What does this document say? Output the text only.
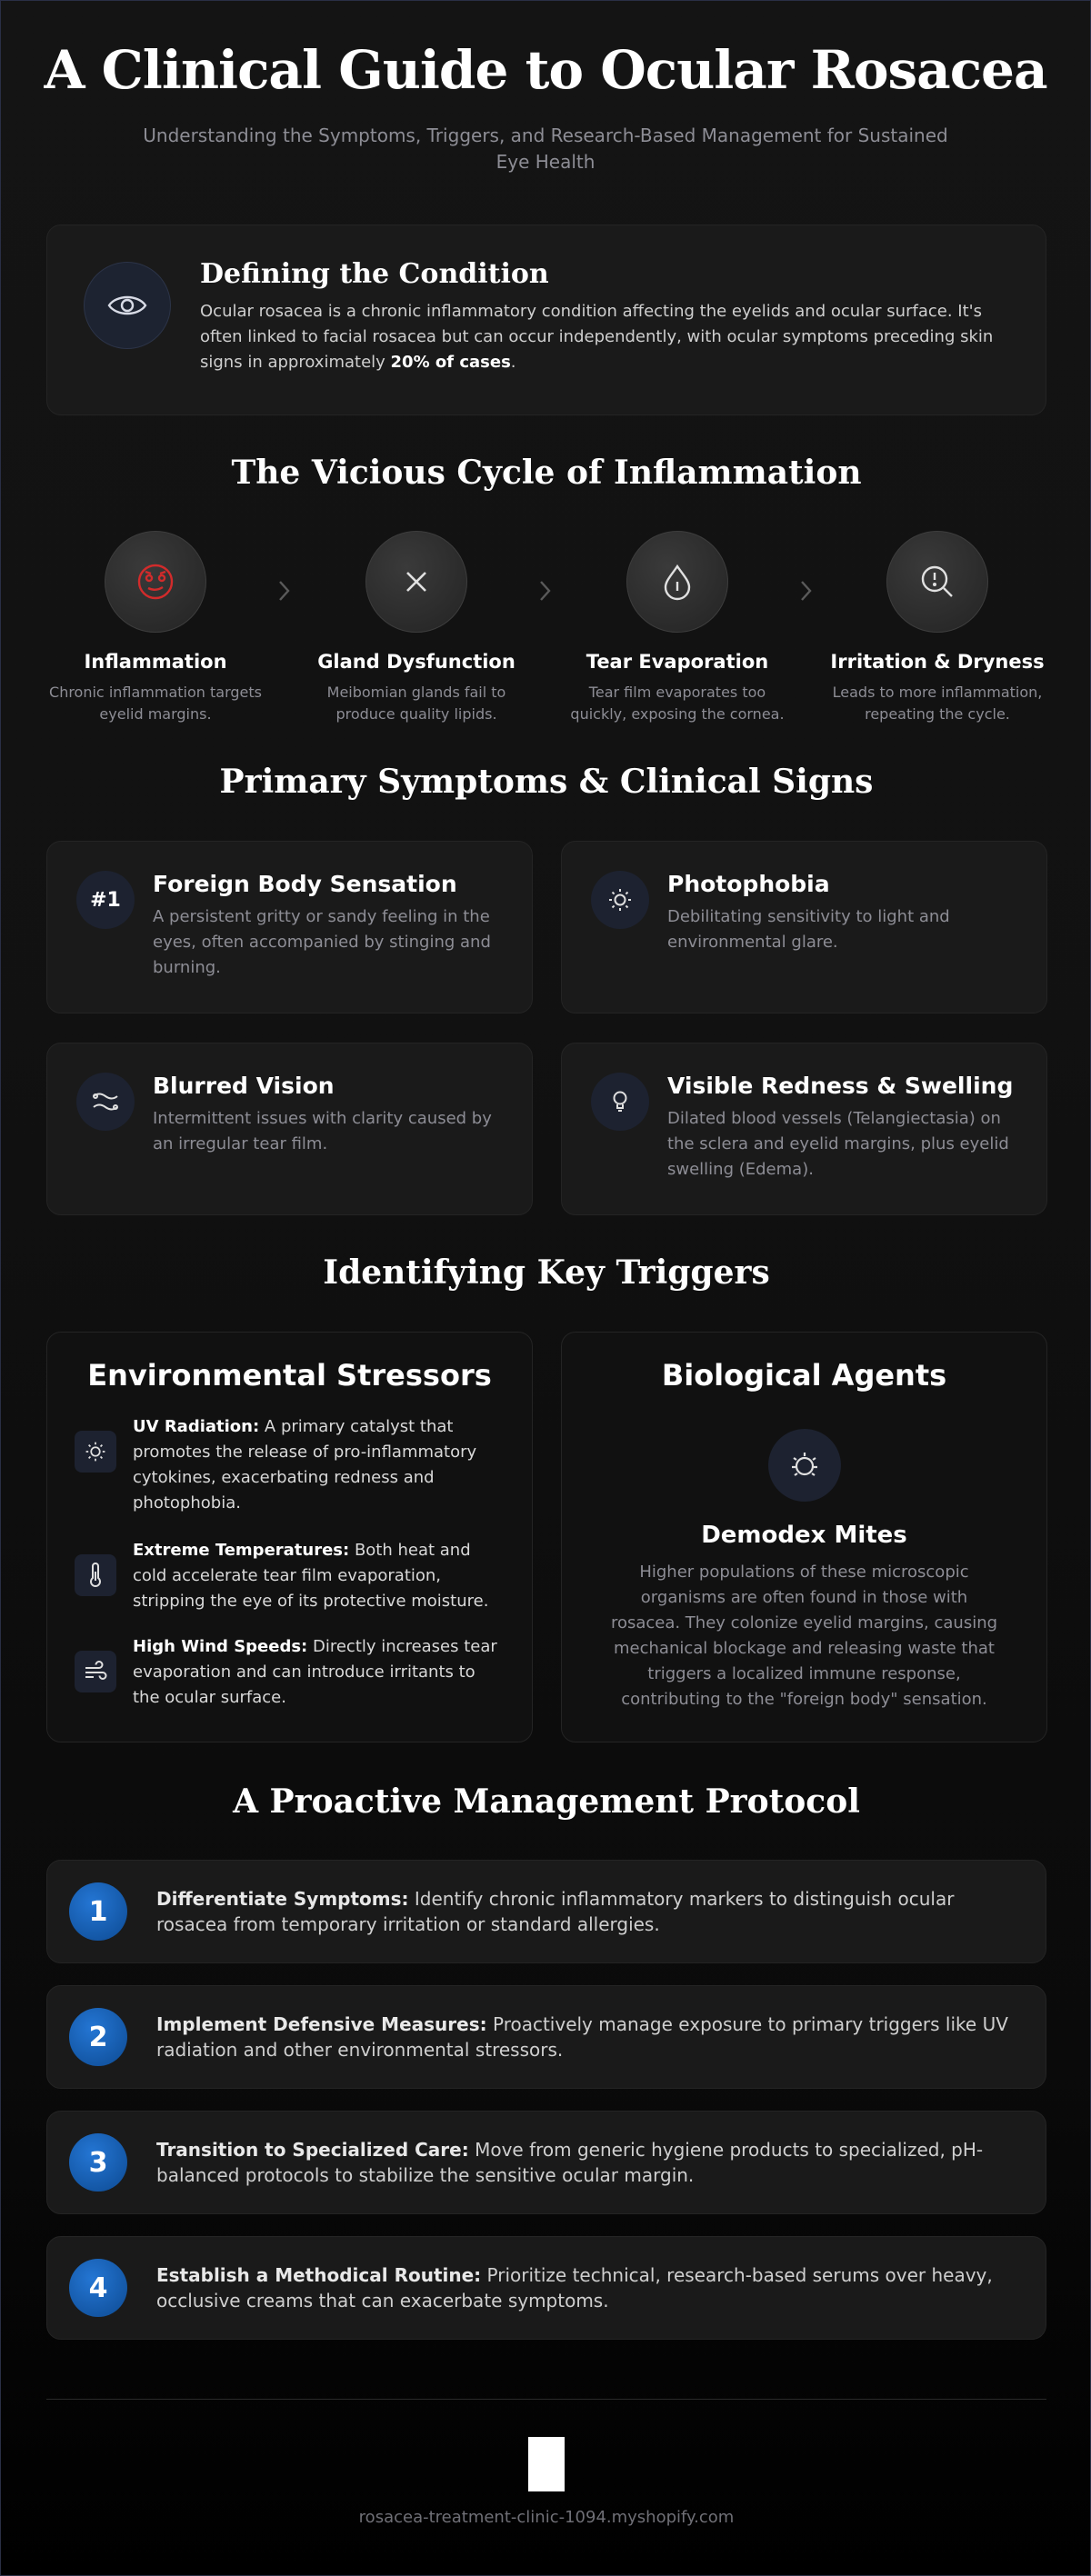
A Clinical Guide to Ocular Rosacea
Understanding the Symptoms, Triggers, and Research-Based Management for Sustained Eye Health
Defining the Condition
Ocular rosacea is a chronic inflammatory condition affecting the eyelids and ocular surface. It's often linked to facial rosacea but can occur independently, with ocular symptoms preceding skin signs in approximately 20% of cases.
The Vicious Cycle of Inflammation
Inflammation
Chronic inflammation targets eyelid margins.
Gland Dysfunction
Meibomian glands fail to produce quality lipids.
Tear Evaporation
Tear film evaporates too quickly, exposing the cornea.
Irritation & Dryness
Leads to more inflammation, repeating the cycle.
Primary Symptoms & Clinical Signs
#1
Foreign Body Sensation
A persistent gritty or sandy feeling in the eyes, often accompanied by stinging and burning.
Photophobia
Debilitating sensitivity to light and environmental glare.
Blurred Vision
Intermittent issues with clarity caused by an irregular tear film.
Visible Redness & Swelling
Dilated blood vessels (Telangiectasia) on the sclera and eyelid margins, plus eyelid swelling (Edema).
Identifying Key Triggers
Environmental Stressors
UV Radiation: A primary catalyst that promotes the release of pro-inflammatory cytokines, exacerbating redness and photophobia.
Extreme Temperatures: Both heat and cold accelerate tear film evaporation, stripping the eye of its protective moisture.
High Wind Speeds: Directly increases tear evaporation and can introduce irritants to the ocular surface.
Biological Agents
Demodex Mites
Higher populations of these microscopic organisms are often found in those with rosacea. They colonize eyelid margins, causing mechanical blockage and releasing waste that triggers a localized immune response, contributing to the "foreign body" sensation.
A Proactive Management Protocol
1	Differentiate Symptoms: Identify chronic inflammatory markers to distinguish ocular rosacea from temporary irritation or standard allergies.
2	Implement Defensive Measures: Proactively manage exposure to primary triggers like UV radiation and other environmental stressors.
3	Transition to Specialized Care: Move from generic hygiene products to specialized, pH-balanced protocols to stabilize the sensitive ocular margin.
4	Establish a Methodical Routine: Prioritize technical, research-based serums over heavy, occlusive creams that can exacerbate symptoms.
rosacea-treatment-clinic-1094.myshopify.com
